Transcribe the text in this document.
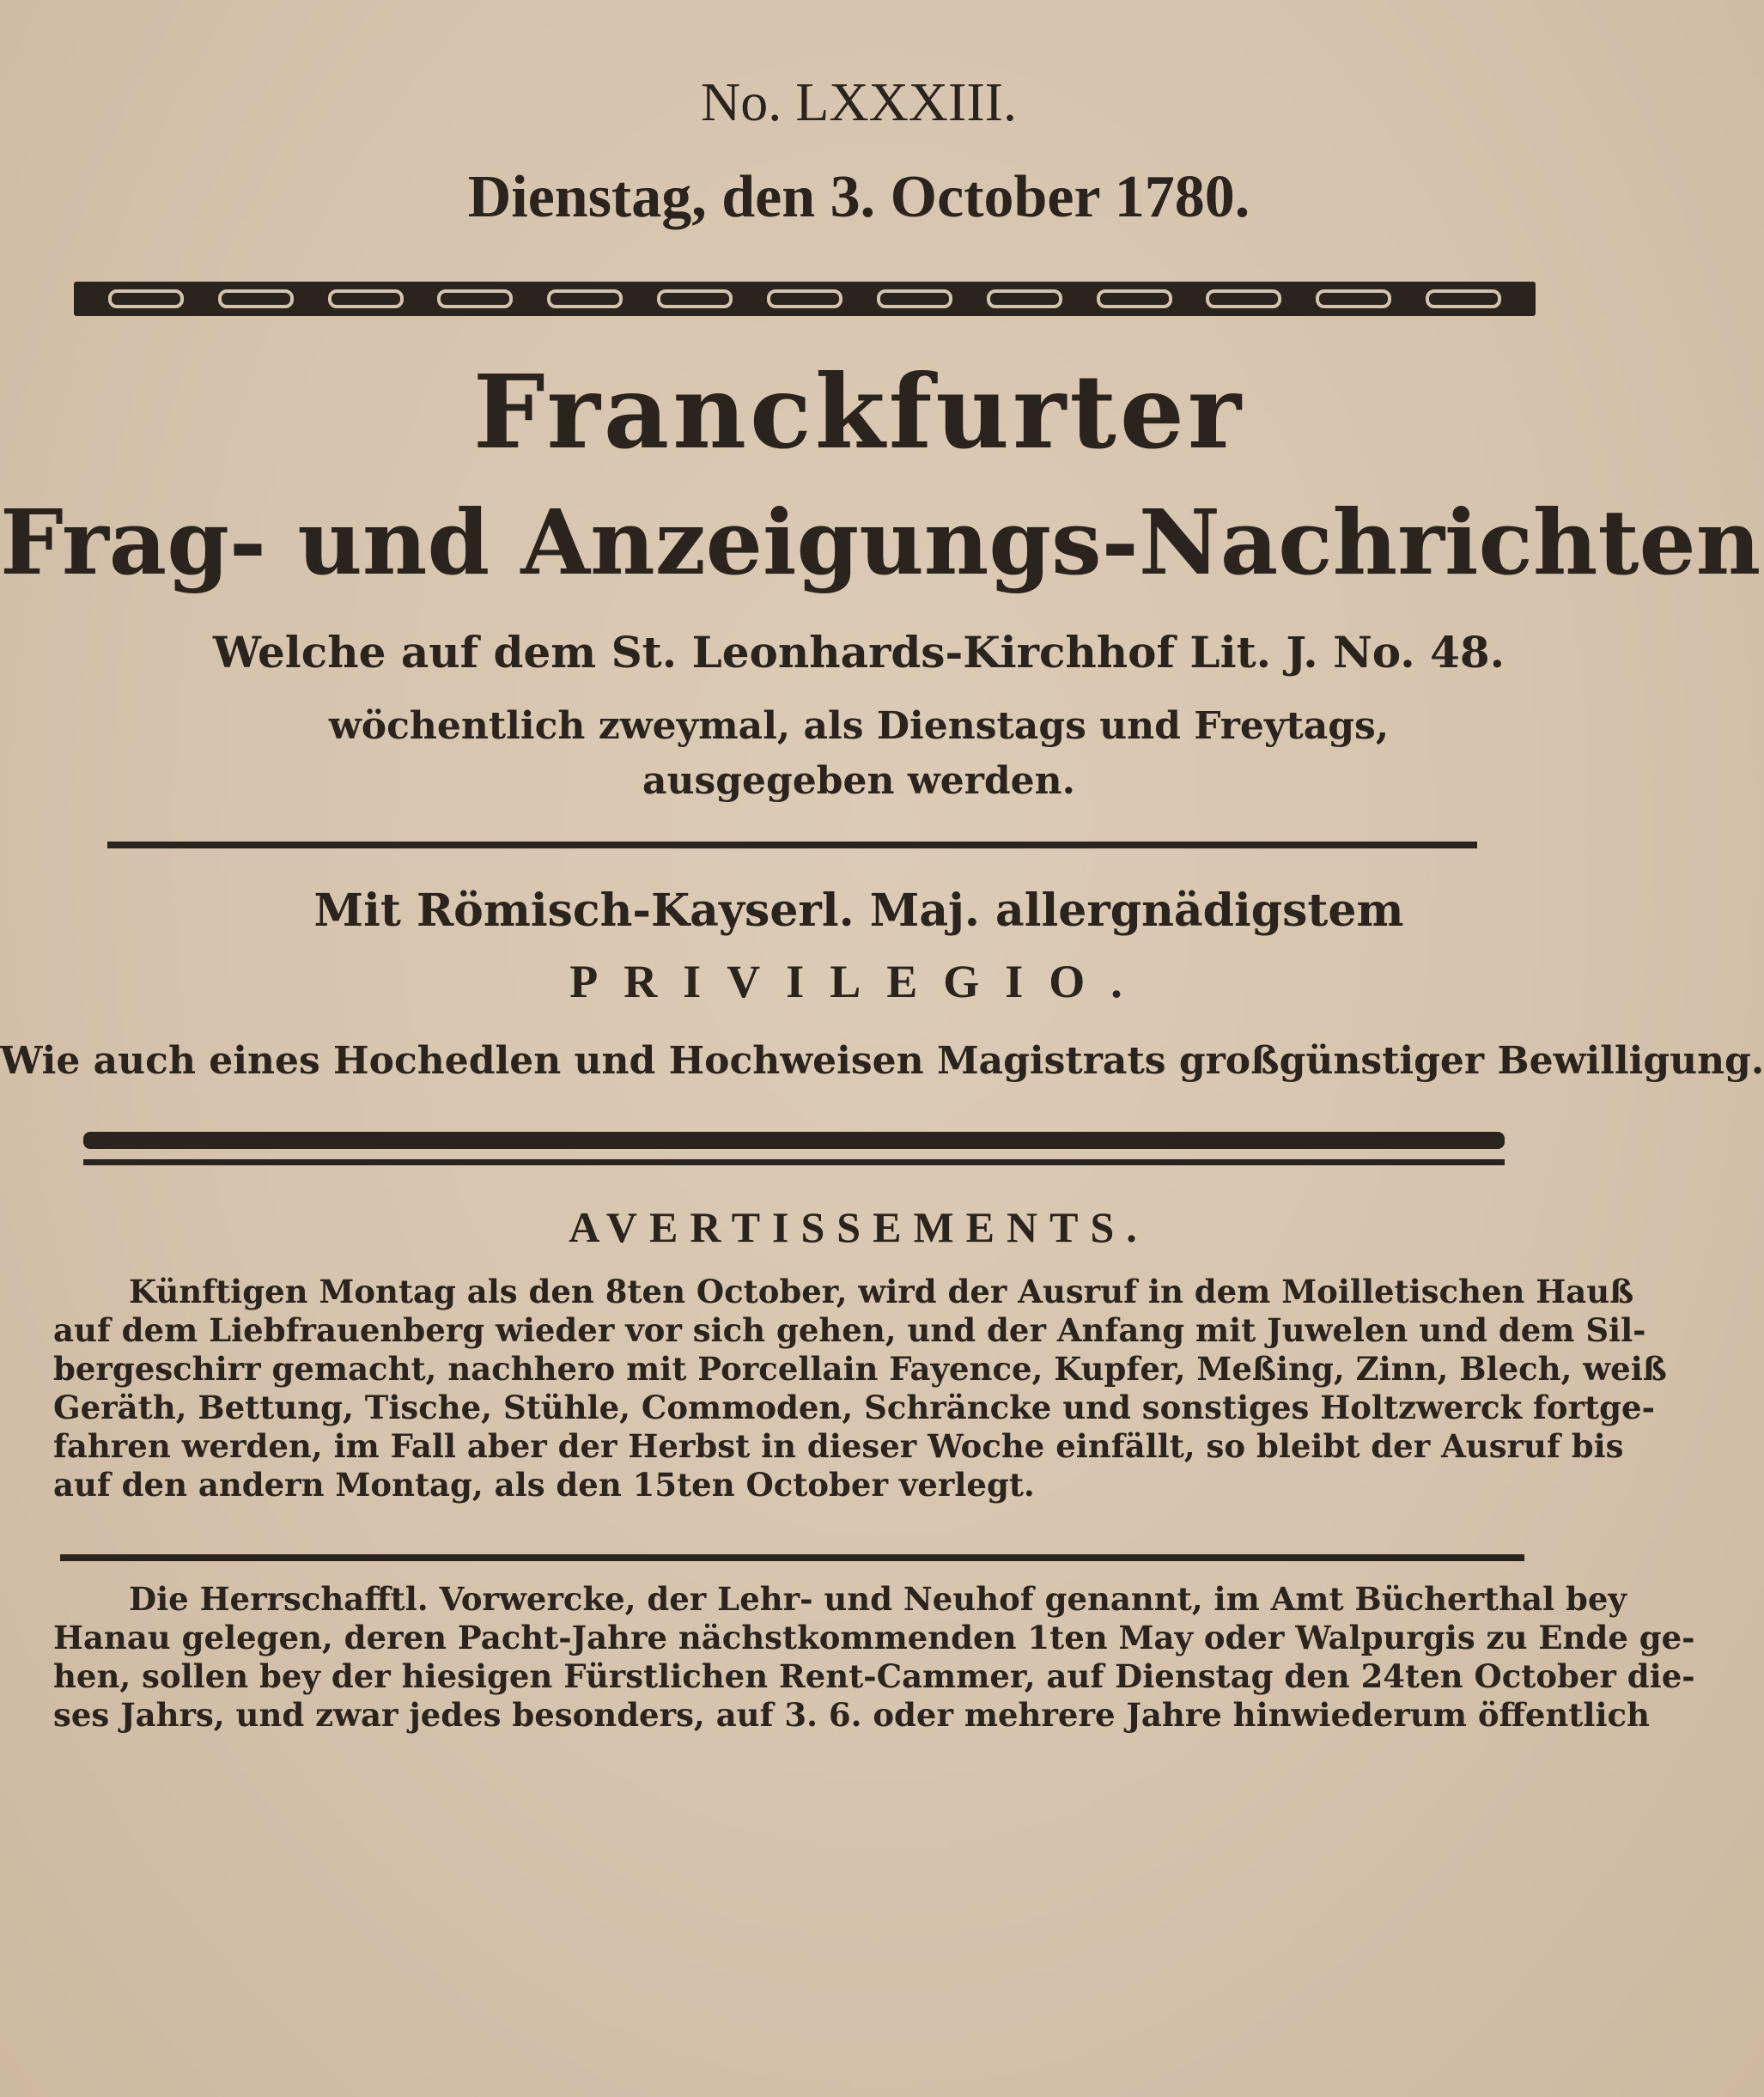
No. LXXXIII.
Dienstag, den 3. October 1780.
Franckfurter
Frag- und Anzeigungs-Nachrichten
Welche auf dem St. Leonhards-Kirchhof Lit. J. No. 48.
wöchentlich zweymal, als Dienstags und Freytags,
ausgegeben werden.
Mit Römisch-Kayserl. Maj. allergnädigstem
PRIVILEGIO.
Wie auch eines Hochedlen und Hochweisen Magistrats großgünstiger Bewilligung.
AVERTISSEMENTS.
Künftigen Montag als den 8ten October, wird der Ausruf in dem Moilletischen Hauß
auf dem Liebfrauenberg wieder vor sich gehen, und der Anfang mit Juwelen und dem Sil-
bergeschirr gemacht, nachhero mit Porcellain Fayence, Kupfer, Meßing, Zinn, Blech, weiß
Geräth, Bettung, Tische, Stühle, Commoden, Schräncke und sonstiges Holtzwerck fortge-
fahren werden, im Fall aber der Herbst in dieser Woche einfällt, so bleibt der Ausruf bis
auf den andern Montag, als den 15ten October verlegt.
Die Herrschafftl. Vorwercke, der Lehr- und Neuhof genannt, im Amt Bücherthal bey
Hanau gelegen, deren Pacht-Jahre nächstkommenden 1ten May oder Walpurgis zu Ende ge-
hen, sollen bey der hiesigen Fürstlichen Rent-Cammer, auf Dienstag den 24ten October die-
ses Jahrs, und zwar jedes besonders, auf 3. 6. oder mehrere Jahre hinwiederum öffentlich
